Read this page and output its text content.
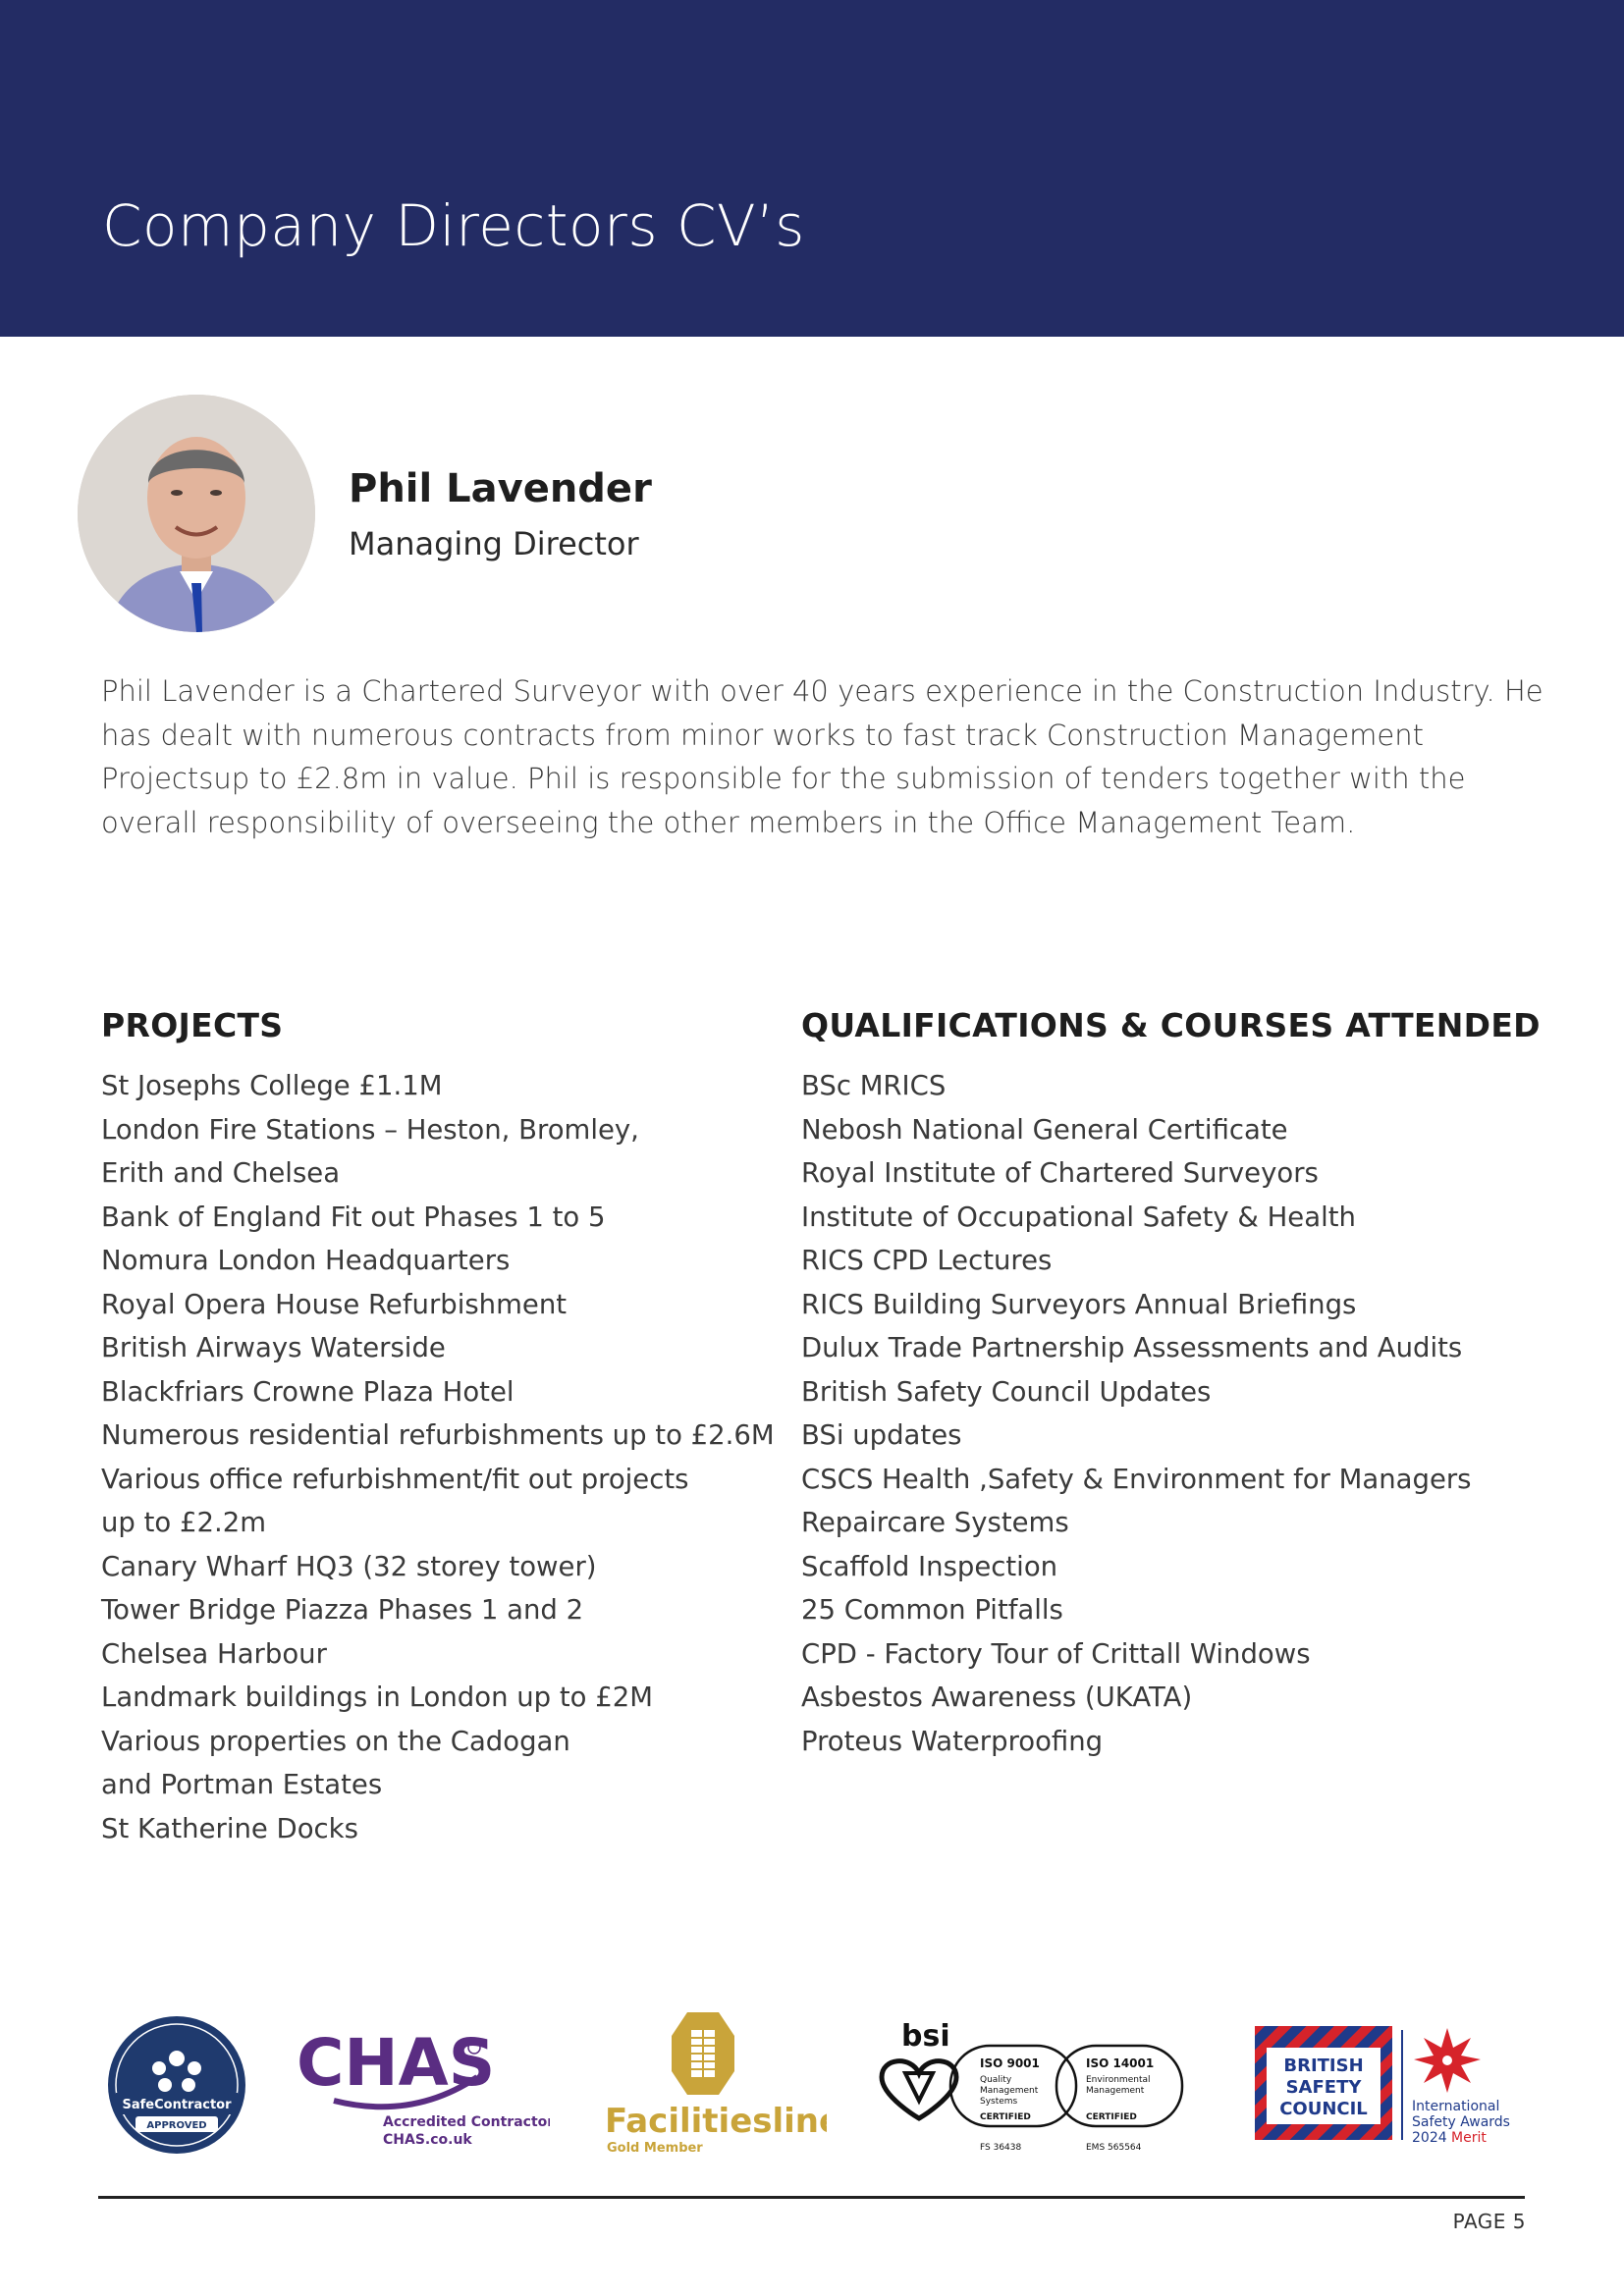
Company Directors CV’s
Phil Lavender

Managing Director

Phil Lavender is a Chartered Surveyor with over 40 years experience in the Construction Industry. He has dealt with numerous contracts from minor works to fast track Construction Management Projectsup to £2.8m in value. Phil is responsible for the submission of tenders together with the overall responsibility of overseeing the other members in the Office Management Team.

PROJECTS
St Josephs College £1.1M
London Fire Stations – Heston, Bromley,
Erith and Chelsea
Bank of England Fit out Phases 1 to 5
Nomura London Headquarters
Royal Opera House Refurbishment
British Airways Waterside
Blackfriars Crowne Plaza Hotel
Numerous residential refurbishments up to £2.6M
Various office refurbishment/fit out projects
up to £2.2m
Canary Wharf HQ3 (32 storey tower)
Tower Bridge Piazza Phases 1 and 2
Chelsea Harbour
Landmark buildings in London up to £2M
Various properties on the Cadogan
and Portman Estates
St Katherine Docks
QUALIFICATIONS & COURSES ATTENDED
BSc MRICS
Nebosh National General Certificate
Royal Institute of Chartered Surveyors
Institute of Occupational Safety & Health
RICS CPD Lectures
RICS Building Surveyors Annual Briefings
Dulux Trade Partnership Assessments and Audits
British Safety Council Updates
BSi updates
CSCS Health ,Safety & Environment for Managers
Repaircare Systems
Scaffold Inspection
25 Common Pitfalls
CPD - Factory Tour of Crittall Windows
Asbestos Awareness (UKATA)
Proteus Waterproofing
SafeContractor
APPROVED
CHAS
Accredited Contractor
CHAS.co.uk	Facilitiesline
Gold Member
bsi
ISO 9001
Quality
Management
Systems
CERTIFIED
FS 36438
ISO 14001
Environmental
Management
CERTIFIED
EMS 565564
BRITISH
SAFETY
COUNCIL	International
Safety Awards
2024 Merit
PAGE 5
